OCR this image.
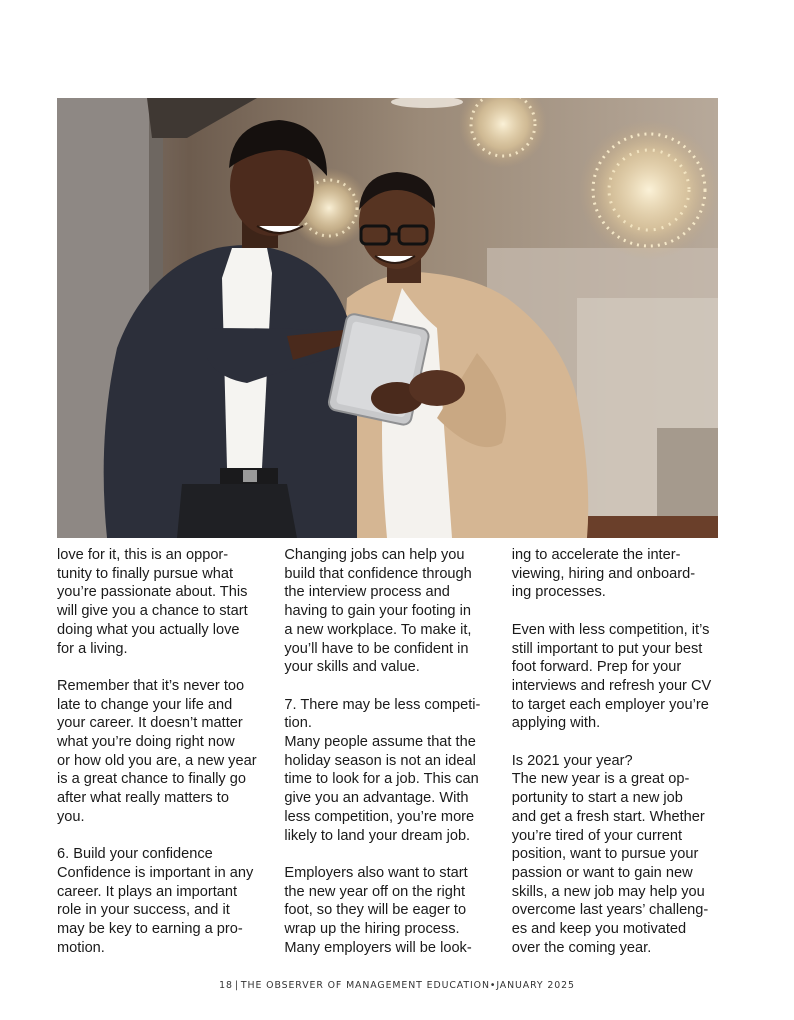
love for it, this is an oppor-
tunity to finally pursue what
you’re passionate about. This
will give you a chance to start
doing what you actually love
for a living.

Remember that it’s never too
late to change your life and
your career. It doesn’t matter
what you’re doing right now
or how old you are, a new year
is a great chance to finally go
after what really matters to
you.

6. Build your confidence
Confidence is important in any
career. It plays an important
role in your success, and it
may be key to earning a pro-
motion.

Changing jobs can help you
build that confidence through
the interview process and
having to gain your footing in
a new workplace. To make it,
you’ll have to be confident in
your skills and value.

7. There may be less competi-
tion.
Many people assume that the
holiday season is not an ideal
time to look for a job. This can
give you an advantage. With
less competition, you’re more
likely to land your dream job.

Employers also want to start
the new year off on the right
foot, so they will be eager to
wrap up the hiring process.
Many employers will be look-

ing to accelerate the inter-
viewing, hiring and onboard-
ing processes.

Even with less competition, it’s
still important to put your best
foot forward. Prep for your
interviews and refresh your CV
to target each employer you’re
applying with.

Is 2021 your year?
The new year is a great op-
portunity to start a new job
and get a fresh start. Whether
you’re tired of your current
position, want to pursue your
passion or want to gain new
skills, a new job may help you
overcome last years’ challeng-
es and keep you motivated
over the coming year.

18 | THE OBSERVER OF MANAGEMENT EDUCATION•JANUARY 2025
